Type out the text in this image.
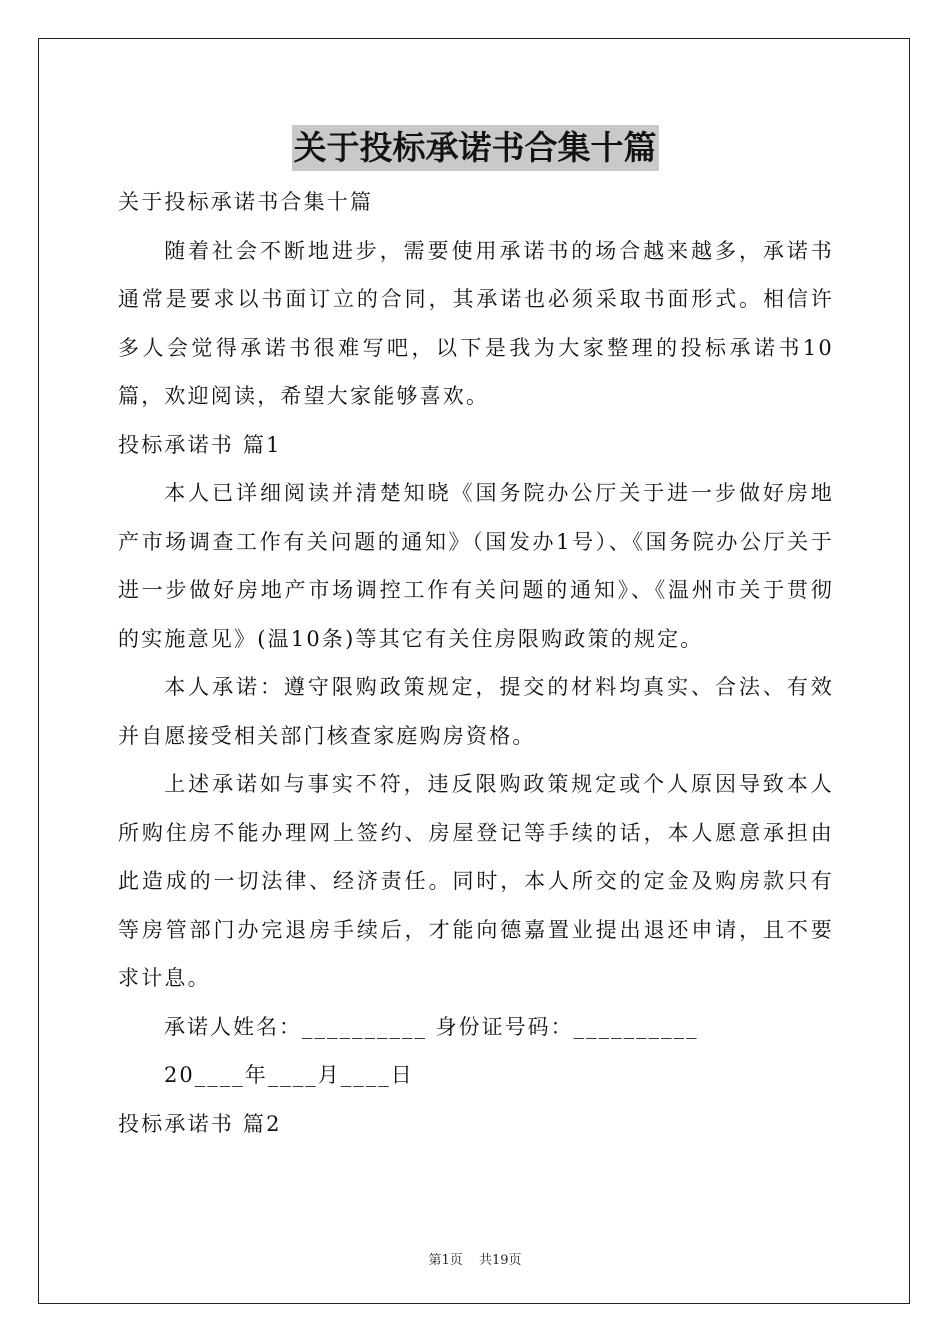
关于投标承诺书合集十篇

关于投标承诺书合集十篇

随着社会不断地进步，需要使用承诺书的场合越来越多，承诺书通常是要求以书面订立的合同，其承诺也必须采取书面形式。相信许多人会觉得承诺书很难写吧，以下是我为大家整理的投标承诺书10篇，欢迎阅读，希望大家能够喜欢。

投标承诺书 篇1

本人已详细阅读并清楚知晓《国务院办公厅关于进一步做好房地产市场调查工作有关问题的通知》（国发办1号）、《国务院办公厅关于进一步做好房地产市场调控工作有关问题的通知》、《温州市关于贯彻的实施意见》(温10条)等其它有关住房限购政策的规定。

本人承诺：遵守限购政策规定，提交的材料均真实、合法、有效并自愿接受相关部门核查家庭购房资格。

上述承诺如与事实不符，违反限购政策规定或个人原因导致本人所购住房不能办理网上签约、房屋登记等手续的话，本人愿意承担由此造成的一切法律、经济责任。同时，本人所交的定金及购房款只有等房管部门办完退房手续后，才能向德嘉置业提出退还申请，且不要求计息。

承诺人姓名：__________ 身份证号码：__________

20____年____月____日

投标承诺书 篇2

第1页 共19页
